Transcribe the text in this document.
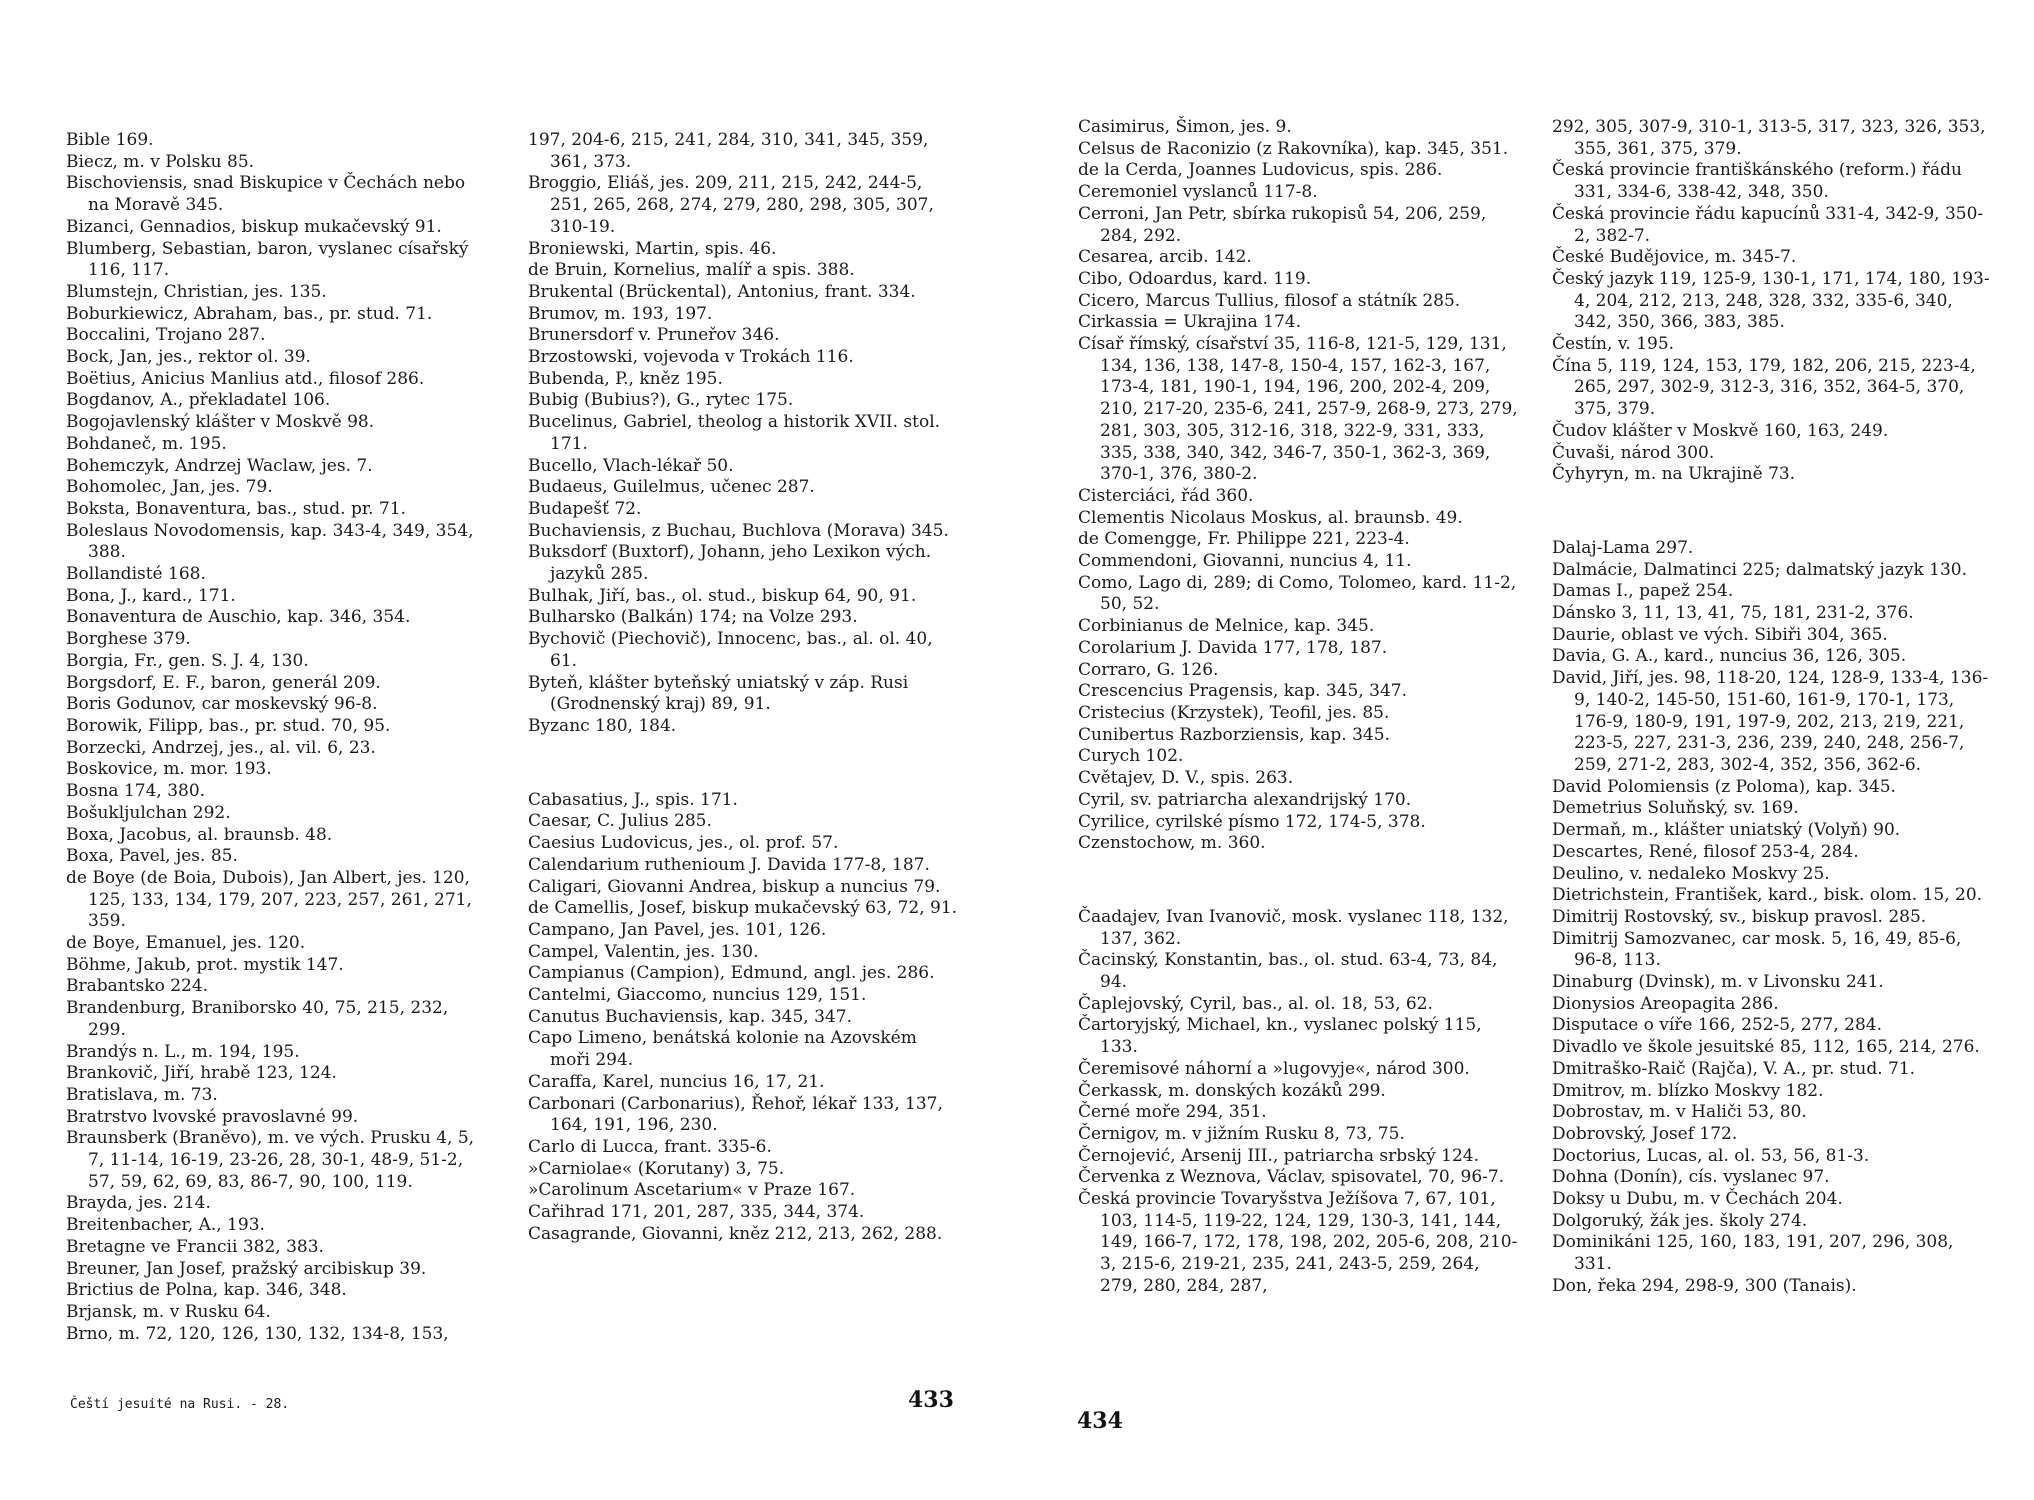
Bible 169.

Biecz, m. v Polsku 85.

Bischoviensis, snad Biskupice v Čechách nebo na Moravě 345.

Bizanci, Gennadios, biskup mukačevský 91.

Blumberg, Sebastian, baron, vyslanec císařský 116, 117.

Blumstejn, Christian, jes. 135.

Boburkiewicz, Abraham, bas., pr. stud. 71.

Boccalini, Trojano 287.

Bock, Jan, jes., rektor ol. 39.

Boëtius, Anicius Manlius atd., filosof 286.

Bogdanov, A., překladatel 106.

Bogojavlenský klášter v Moskvě 98.

Bohdaneč, m. 195.

Bohemczyk, Andrzej Waclaw, jes. 7.

Bohomolec, Jan, jes. 79.

Boksta, Bonaventura, bas., stud. pr. 71.

Boleslaus Novodomensis, kap. 343-4, 349, 354, 388.

Bollandisté 168.

Bona, J., kard., 171.

Bonaventura de Auschio, kap. 346, 354.

Borghese 379.

Borgia, Fr., gen. S. J. 4, 130.

Borgsdorf, E. F., baron, generál 209.

Boris Godunov, car moskevský 96-8.

Borowik, Filipp, bas., pr. stud. 70, 95.

Borzecki, Andrzej, jes., al. vil. 6, 23.

Boskovice, m. mor. 193.

Bosna 174, 380.

Bošukljulchan 292.

Boxa, Jacobus, al. braunsb. 48.

Boxa, Pavel, jes. 85.

de Boye (de Boia, Dubois), Jan Albert, jes. 120, 125, 133, 134, 179, 207, 223, 257, 261, 271, 359.

de Boye, Emanuel, jes. 120.

Böhme, Jakub, prot. mystik 147.

Brabantsko 224.

Brandenburg, Braniborsko 40, 75, 215, 232, 299.

Brandýs n. L., m. 194, 195.

Brankovič, Jiří, hrabě 123, 124.

Bratislava, m. 73.

Bratrstvo lvovské pravoslavné 99.

Braunsberk (Braněvo), m. ve vých. Prusku 4, 5, 7, 11-14, 16-19, 23-26, 28, 30-1, 48-9, 51-2, 57, 59, 62, 69, 83, 86-7, 90, 100, 119.

Brayda, jes. 214.

Breitenbacher, A., 193.

Bretagne ve Francii 382, 383.

Breuner, Jan Josef, pražský arcibiskup 39.

Brictius de Polna, kap. 346, 348.

Brjansk, m. v Rusku 64.

Brno, m. 72, 120, 126, 130, 132, 134-8, 153,

197, 204-6, 215, 241, 284, 310, 341, 345, 359, 361, 373.

Broggio, Eliáš, jes. 209, 211, 215, 242, 244-5, 251, 265, 268, 274, 279, 280, 298, 305, 307, 310-19.

Broniewski, Martin, spis. 46.

de Bruin, Kornelius, malíř a spis. 388.

Brukental (Brückental), Antonius, frant. 334.

Brumov, m. 193, 197.

Brunersdorf v. Pruneřov 346.

Brzostowski, vojevoda v Trokách 116.

Bubenda, P., kněz 195.

Bubig (Bubius?), G., rytec 175.

Bucelinus, Gabriel, theolog a historik XVII. stol. 171.

Bucello, Vlach-lékař 50.

Budaeus, Guilelmus, učenec 287.

Budapešť 72.

Buchaviensis, z Buchau, Buchlova (Morava) 345.

Buksdorf (Buxtorf), Johann, jeho Lexikon vých. jazyků 285.

Bulhak, Jiří, bas., ol. stud., biskup 64, 90, 91.

Bulharsko (Balkán) 174; na Volze 293.

Bychovič (Piechovič), Innocenc, bas., al. ol. 40, 61.

Byteň, klášter byteňský uniatský v záp. Rusi (Grodnenský kraj) 89, 91.

Byzanc 180, 184.

Cabasatius, J., spis. 171.

Caesar, C. Julius 285.

Caesius Ludovicus, jes., ol. prof. 57.

Calendarium rutheniоum J. Davida 177-8, 187.

Caligari, Giovanni Andrea, biskup a nuncius 79.

de Camellis, Josef, biskup mukačevský 63, 72, 91.

Campano, Jan Pavel, jes. 101, 126.

Campel, Valentin, jes. 130.

Campianus (Campion), Edmund, angl. jes. 286.

Cantelmi, Giaccomo, nuncius 129, 151.

Canutus Buchaviensis, kap. 345, 347.

Capo Limeno, benátská kolonie na Azovském moři 294.

Caraffa, Karel, nuncius 16, 17, 21.

Carbonari (Carbonarius), Řehoř, lékař 133, 137, 164, 191, 196, 230.

Carlo di Lucca, frant. 335-6.

»Carniolae« (Korutany) 3, 75.

»Carolinum Ascetarium« v Praze 167.

Cařihrad 171, 201, 287, 335, 344, 374.

Casagrande, Giovanni, kněz 212, 213, 262, 288.

Casimirus, Šimon, jes. 9.

Celsus de Raconizio (z Rakovníka), kap. 345, 351.

de la Cerda, Joannes Ludovicus, spis. 286.

Ceremoniel vyslanců 117-8.

Cerroni, Jan Petr, sbírka rukopisů 54, 206, 259, 284, 292.

Cesarea, arcib. 142.

Cibo, Odoardus, kard. 119.

Cicero, Marcus Tullius, filosof a státník 285.

Cirkassia = Ukrajina 174.

Císař římský, císařství 35, 116-8, 121-5, 129, 131, 134, 136, 138, 147-8, 150-4, 157, 162-3, 167, 173-4, 181, 190-1, 194, 196, 200, 202-4, 209, 210, 217-20, 235-6, 241, 257-9, 268-9, 273, 279, 281, 303, 305, 312-16, 318, 322-9, 331, 333, 335, 338, 340, 342, 346-7, 350-1, 362-3, 369, 370-1, 376, 380-2.

Cisterciáci, řád 360.

Clementis Nicolaus Moskus, al. braunsb. 49.

de Comengge, Fr. Philippe 221, 223-4.

Commendoni, Giovanni, nuncius 4, 11.

Como, Lago di, 289; di Como, Tolomeo, kard. 11-2, 50, 52.

Corbinianus de Melnice, kap. 345.

Corolarium J. Davida 177, 178, 187.

Corraro, G. 126.

Crescencius Pragensis, kap. 345, 347.

Cristecius (Krzystek), Teofil, jes. 85.

Cunibertus Razborziensis, kap. 345.

Curych 102.

Cvětajev, D. V., spis. 263.

Cyril, sv. patriarcha alexandrijský 170.

Cyrilice, cyrilské písmo 172, 174-5, 378.

Czenstochow, m. 360.

Čaadajev, Ivan Ivanovič, mosk. vyslanec 118, 132, 137, 362.

Čacinský, Konstantin, bas., ol. stud. 63-4, 73, 84, 94.

Čaplejovský, Cyril, bas., al. ol. 18, 53, 62.

Čartoryjský, Michael, kn., vyslanec polský 115, 133.

Čeremisové náhorní a »lugovyje«, národ 300.

Čerkassk, m. donských kozáků 299.

Černé moře 294, 351.

Černigov, m. v jižním Rusku 8, 73, 75.

Černojević, Arsenij III., patriarcha srbský 124.

Červenka z Weznova, Václav, spisovatel, 70, 96-7.

Česká provincie Tovaryšstva Ježíšova 7, 67, 101, 103, 114-5, 119-22, 124, 129, 130-3, 141, 144, 149, 166-7, 172, 178, 198, 202, 205-6, 208, 210-3, 215-6, 219-21, 235, 241, 243-5, 259, 264, 279, 280, 284, 287,

292, 305, 307-9, 310-1, 313-5, 317, 323, 326, 353, 355, 361, 375, 379.

Česká provincie františkánského (reform.) řádu 331, 334-6, 338-42, 348, 350.

Česká provincie řádu kapucínů 331-4, 342-9, 350-2, 382-7.

České Budějovice, m. 345-7.

Český jazyk 119, 125-9, 130-1, 171, 174, 180, 193-4, 204, 212, 213, 248, 328, 332, 335-6, 340, 342, 350, 366, 383, 385.

Čestín, v. 195.

Čína 5, 119, 124, 153, 179, 182, 206, 215, 223-4, 265, 297, 302-9, 312-3, 316, 352, 364-5, 370, 375, 379.

Čudov klášter v Moskvě 160, 163, 249.

Čuvaši, národ 300.

Čyhyryn, m. na Ukrajině 73.

Dalaj-Lama 297.

Dalmácie, Dalmatinci 225; dalmatský jazyk 130.

Damas I., papež 254.

Dánsko 3, 11, 13, 41, 75, 181, 231-2, 376.

Daurie, oblast ve vých. Sibiři 304, 365.

Davia, G. A., kard., nuncius 36, 126, 305.

David, Jiří, jes. 98, 118-20, 124, 128-9, 133-4, 136-9, 140-2, 145-50, 151-60, 161-9, 170-1, 173, 176-9, 180-9, 191, 197-9, 202, 213, 219, 221, 223-5, 227, 231-3, 236, 239, 240, 248, 256-7, 259, 271-2, 283, 302-4, 352, 356, 362-6.

David Polomiensis (z Poloma), kap. 345.

Demetrius Soluňský, sv. 169.

Dermaň, m., klášter uniatský (Volyň) 90.

Descartes, René, filosof 253-4, 284.

Deulino, v. nedaleko Moskvy 25.

Dietrichstein, František, kard., bisk. olom. 15, 20.

Dimitrij Rostovský, sv., biskup pravosl. 285.

Dimitrij Samozvanec, car mosk. 5, 16, 49, 85-6, 96-8, 113.

Dinaburg (Dvinsk), m. v Livonsku 241.

Dionysios Areopagita 286.

Disputace o víře 166, 252-5, 277, 284.

Divadlo ve škole jesuitské 85, 112, 165, 214, 276.

Dmitraško-Raič (Rajča), V. A., pr. stud. 71.

Dmitrov, m. blízko Moskvy 182.

Dobrostav, m. v Haliči 53, 80.

Dobrovský, Josef 172.

Doctorius, Lucas, al. ol. 53, 56, 81-3.

Dohna (Donín), cís. vyslanec 97.

Doksy u Dubu, m. v Čechách 204.

Dolgoruký, žák jes. školy 274.

Dominikáni 125, 160, 183, 191, 207, 296, 308, 331.

Don, řeka 294, 298-9, 300 (Tanais).

Čeští jesuité na Rusi. - 28.	433
434
